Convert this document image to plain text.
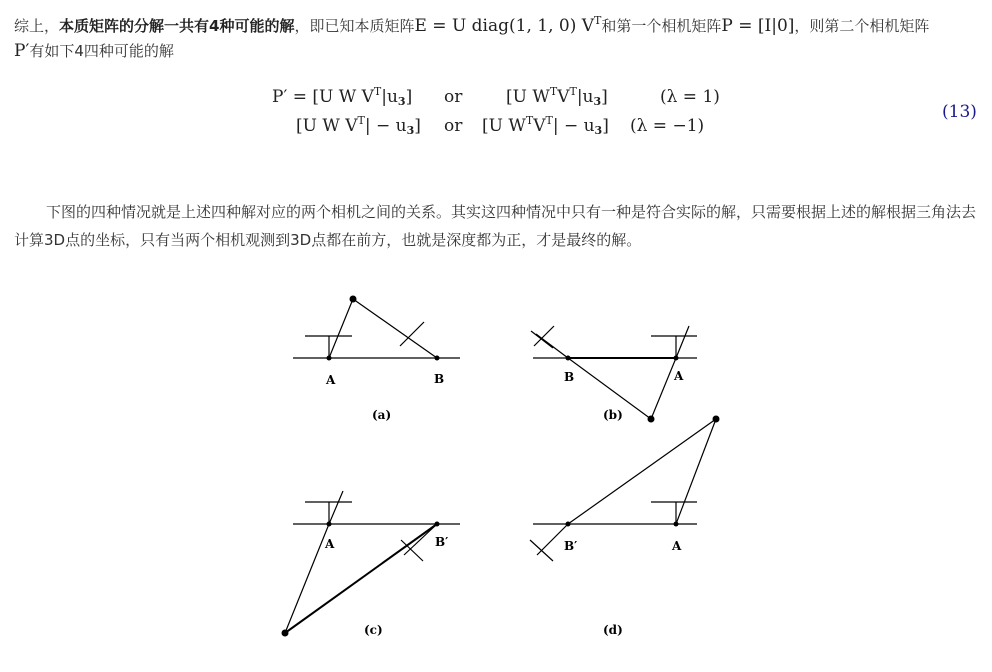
综上，本质矩阵的分解一共有4种可能的解，即已知本质矩阵E = U diag(1, 1, 0) $V^T$和第一个相机矩阵P = [I|0]，则第二个相机矩阵
P′有如下4四种可能的解
P′ = [U W $V^T|u_3$] or	[U $W^TV^T|u_3$]	(λ = 1)
[U W $V^T| - u_3$] or [U $W^TV^T| - u_3$] (λ = −1)
(13)
下图的四种情况就是上述四种解对应的两个相机之间的关系。其实这四种情况中只有一种是符合实际的解，只需要根据上述的解根据三角法去计算3D点的坐标，只有当两个相机观测到3D点都在前方，也就是深度都为正，才是最终的解。
A	B
(a)
B	A
(b)
A	B′
(c)
B′	A
(d)
